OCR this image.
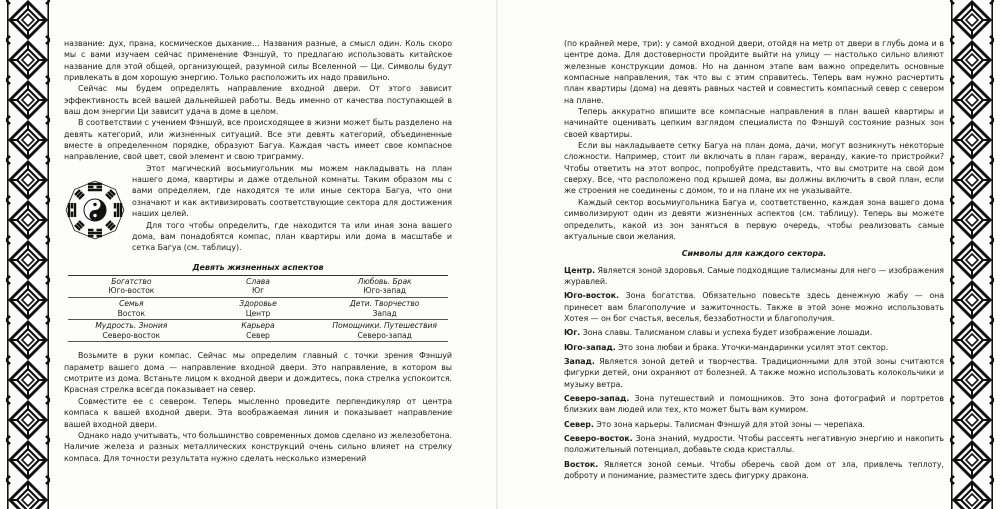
название: дух, прана, космическое дыхание… Названия разные, а смысл один. Коль скоро мы с вами изучаем сейчас применение Фэншуй, то предлагаю использовать китайское название для этой общей, организующей, разумной силы Вселенной — Ци. Символы будут привлекать в дом хорошую энергию. Только расположить их надо правильно.

Сейчас мы будем определять направление входной двери. От этого зависит эффективность всей вашей дальнейшей работы. Ведь именно от качества поступающей в ваш дом энергии Ци зависит удача в доме в целом.

В соответствии с учением Фэншуй, все происходящее в жизни может быть разделено на девять категорий, или жизненных ситуаций. Все эти девять категорий, объединенные вместе в определенном порядке, образуют Багуа. Каждая часть имеет свое компасное направление, свой цвет, свой элемент и свою триграмму.

Этот магический восьмиугольник мы можем накладывать на план нашего дома, квартиры и даже отдельной комнаты. Таким образом мы с вами определяем, где находятся те или иные сектора Багуа, что они означают и как активизировать соответствующие сектора для достижения наших целей.

Для того чтобы определить, где находится та или иная зона вашего дома, вам понадобятся компас, план квартиры или дома в масштабе и сетка Багуа (см. таблицу).

Девять жизненных аспектов
Богатство
Юго-восток
Слава
Юг
Любовь. Брак
Юго-запад
Семья
Восток
Здоровье
Центр
Дети. Творчество
Запад
Мудрость. Знония
Северо-восток
Карьера
Север
Помощники. Путешествия
Северо-запад

Возьмите в руки компас. Сейчас мы определим главный с точки зрения Фэншуй параметр вашего дома — направление входной двери. Это направление, в котором вы смотрите из дома. Встаньте лицом к входной двери и дождитесь, пока стрелка успокоится. Красная стрелка всегда показывает на север.

Совместите ее с севером. Теперь мысленно проведите перпендикуляр от центра компаса к вашей входной двери. Эта воображаемая линия и показывает направление вашей входной двери.

Однако надо учитывать, что большинство современных домов сделано из железобетона. Наличие железа и разных металлических конструкций очень сильно влияет на стрелку компаса. Для точности результата нужно сделать несколько измерений

(по крайней мере, три): у самой входной двери, отойдя на метр от двери в глубь дома и в центре дома. Для достоверности пройдите выйти на улицу — настолько сильно влияют железные конструкции домов. Но на данном этапе вам важно определить основные компасные направления, так что вы с этим справитесь. Теперь вам нужно расчертить план квартиры (дома) на девять равных частей и совместить компасный север с севером на плане.

Теперь аккуратно впишите все компасные направления в план вашей квартиры и начинайте оценивать цепким взглядом специалиста по Фэншуй состояние разных зон своей квартиры.

Если вы накладываете сетку Багуа на план дома, дачи, могут возникнуть некоторые сложности. Например, стоит ли включать в план гараж, веранду, какие-то пристройки? Чтобы ответить на этот вопрос, попробуйте представить, что вы смотрите на свой дом сверху. Все, что расположено под крышей дома, вы должны включить в свой план, если же строения не соединены с домом, то и на плане их не указывайте.

Каждый сектор восьмиугольника Багуа и, соответственно, каждая зона вашего дома символизируют один из девяти жизненных аспектов (см. таблицу). Теперь вы можете определить, какой из зон заняться в первую очередь, чтобы реализовать самые актуальные свои желания.

Символы для каждого сектора.

Центр. Является зоной здоровья. Самые подходящие талисманы для него — изображения журавлей.

Юго-восток. Зона богатства. Обязательно повесьте здесь денежную жабу — она принесет вам благополучие и зажиточность. Также в этой зоне можно использовать Хотея — он бог счастья, веселья, беззаботности и благополучия.

Юг. Зона славы. Талисманом славы и успеха будет изображение лошади.

Юго-запад. Это зона любви и брака. Уточки-мандаринки усилят этот сектор.

Запад. Является зоной детей и творчества. Традиционными для этой зоны считаются фигурки детей, они охраняют от болезней. А также можно использовать колокольчики и музыку ветра.

Северо-запад. Зона путешествий и помощников. Это зона фотографий и портретов близких вам людей или тех, кто может быть вам кумиром.

Север. Это зона карьеры. Талисман Фэншуй для этой зоны — черепаха.

Северо-восток. Зона знаний, мудрости. Чтобы рассеять негативную энергию и накопить положительный потенциал, добавьте сюда кристаллы.

Восток. Является зоной семьи. Чтобы оберечь свой дом от зла, привлечь теплоту, доброту и понимание, разместите здесь фигурку дракона.
